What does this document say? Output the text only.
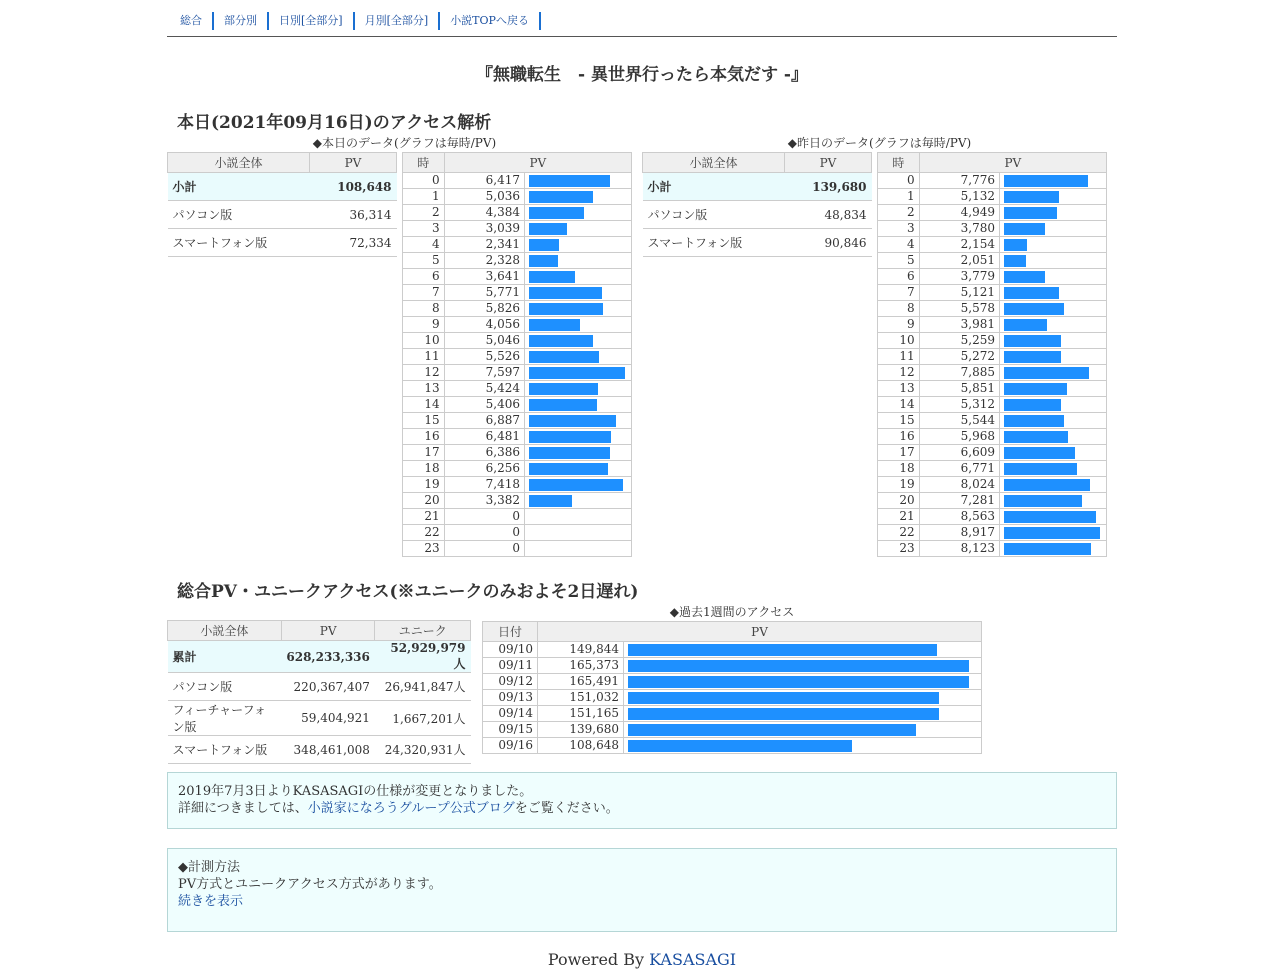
総合 部分別 日別[全部分] 月別[全部分] 小説TOPへ戻る
『無職転生　- 異世界行ったら本気だす -』
本日(2021年09月16日)のアクセス解析
◆本日のデータ(グラフは毎時/PV)
小説全体	PV
小計	108,648
パソコン版	36,314
スマートフォン版	72,334
時	PV	
0	6,417	

1	5,036	

2	4,384	

3	3,039	

4	2,341	

5	2,328	

6	3,641	

7	5,771	

8	5,826	

9	4,056	

10	5,046	

11	5,526	

12	7,597	

13	5,424	

14	5,406	

15	6,887	

16	6,481	

17	6,386	

18	6,256	

19	7,418	

20	3,382	

21	0	
22	0	
23	0	
◆昨日のデータ(グラフは毎時/PV)
小説全体	PV
小計	139,680
パソコン版	48,834
スマートフォン版	90,846
時	PV	
0	7,776	

1	5,132	

2	4,949	

3	3,780	

4	2,154	

5	2,051	

6	3,779	

7	5,121	

8	5,578	

9	3,981	

10	5,259	

11	5,272	

12	7,885	

13	5,851	

14	5,312	

15	5,544	

16	5,968	

17	6,609	

18	6,771	

19	8,024	

20	7,281	

21	8,563	

22	8,917	

23	8,123	
総合PV・ユニークアクセス(※ユニークのみおよそ2日遅れ)
小説全体	PV	ユニーク
累計	628,233,336	52,929,979人
パソコン版	220,367,407	26,941,847人
フィーチャーフォン版	59,404,921	1,667,201人
スマートフォン版	348,461,008	24,320,931人
◆過去1週間のアクセス
日付	PV	
09/10	149,844	

09/11	165,373	

09/12	165,491	

09/13	151,032	

09/14	151,165	

09/15	139,680	

09/16	108,648	
2019年7月3日よりKASASAGIの仕様が変更となりました。
詳細につきましては、小説家になろうグループ公式ブログをご覧ください。
◆計測方法
PV方式とユニークアクセス方式があります。
続きを表示
Powered By KASASAGI
